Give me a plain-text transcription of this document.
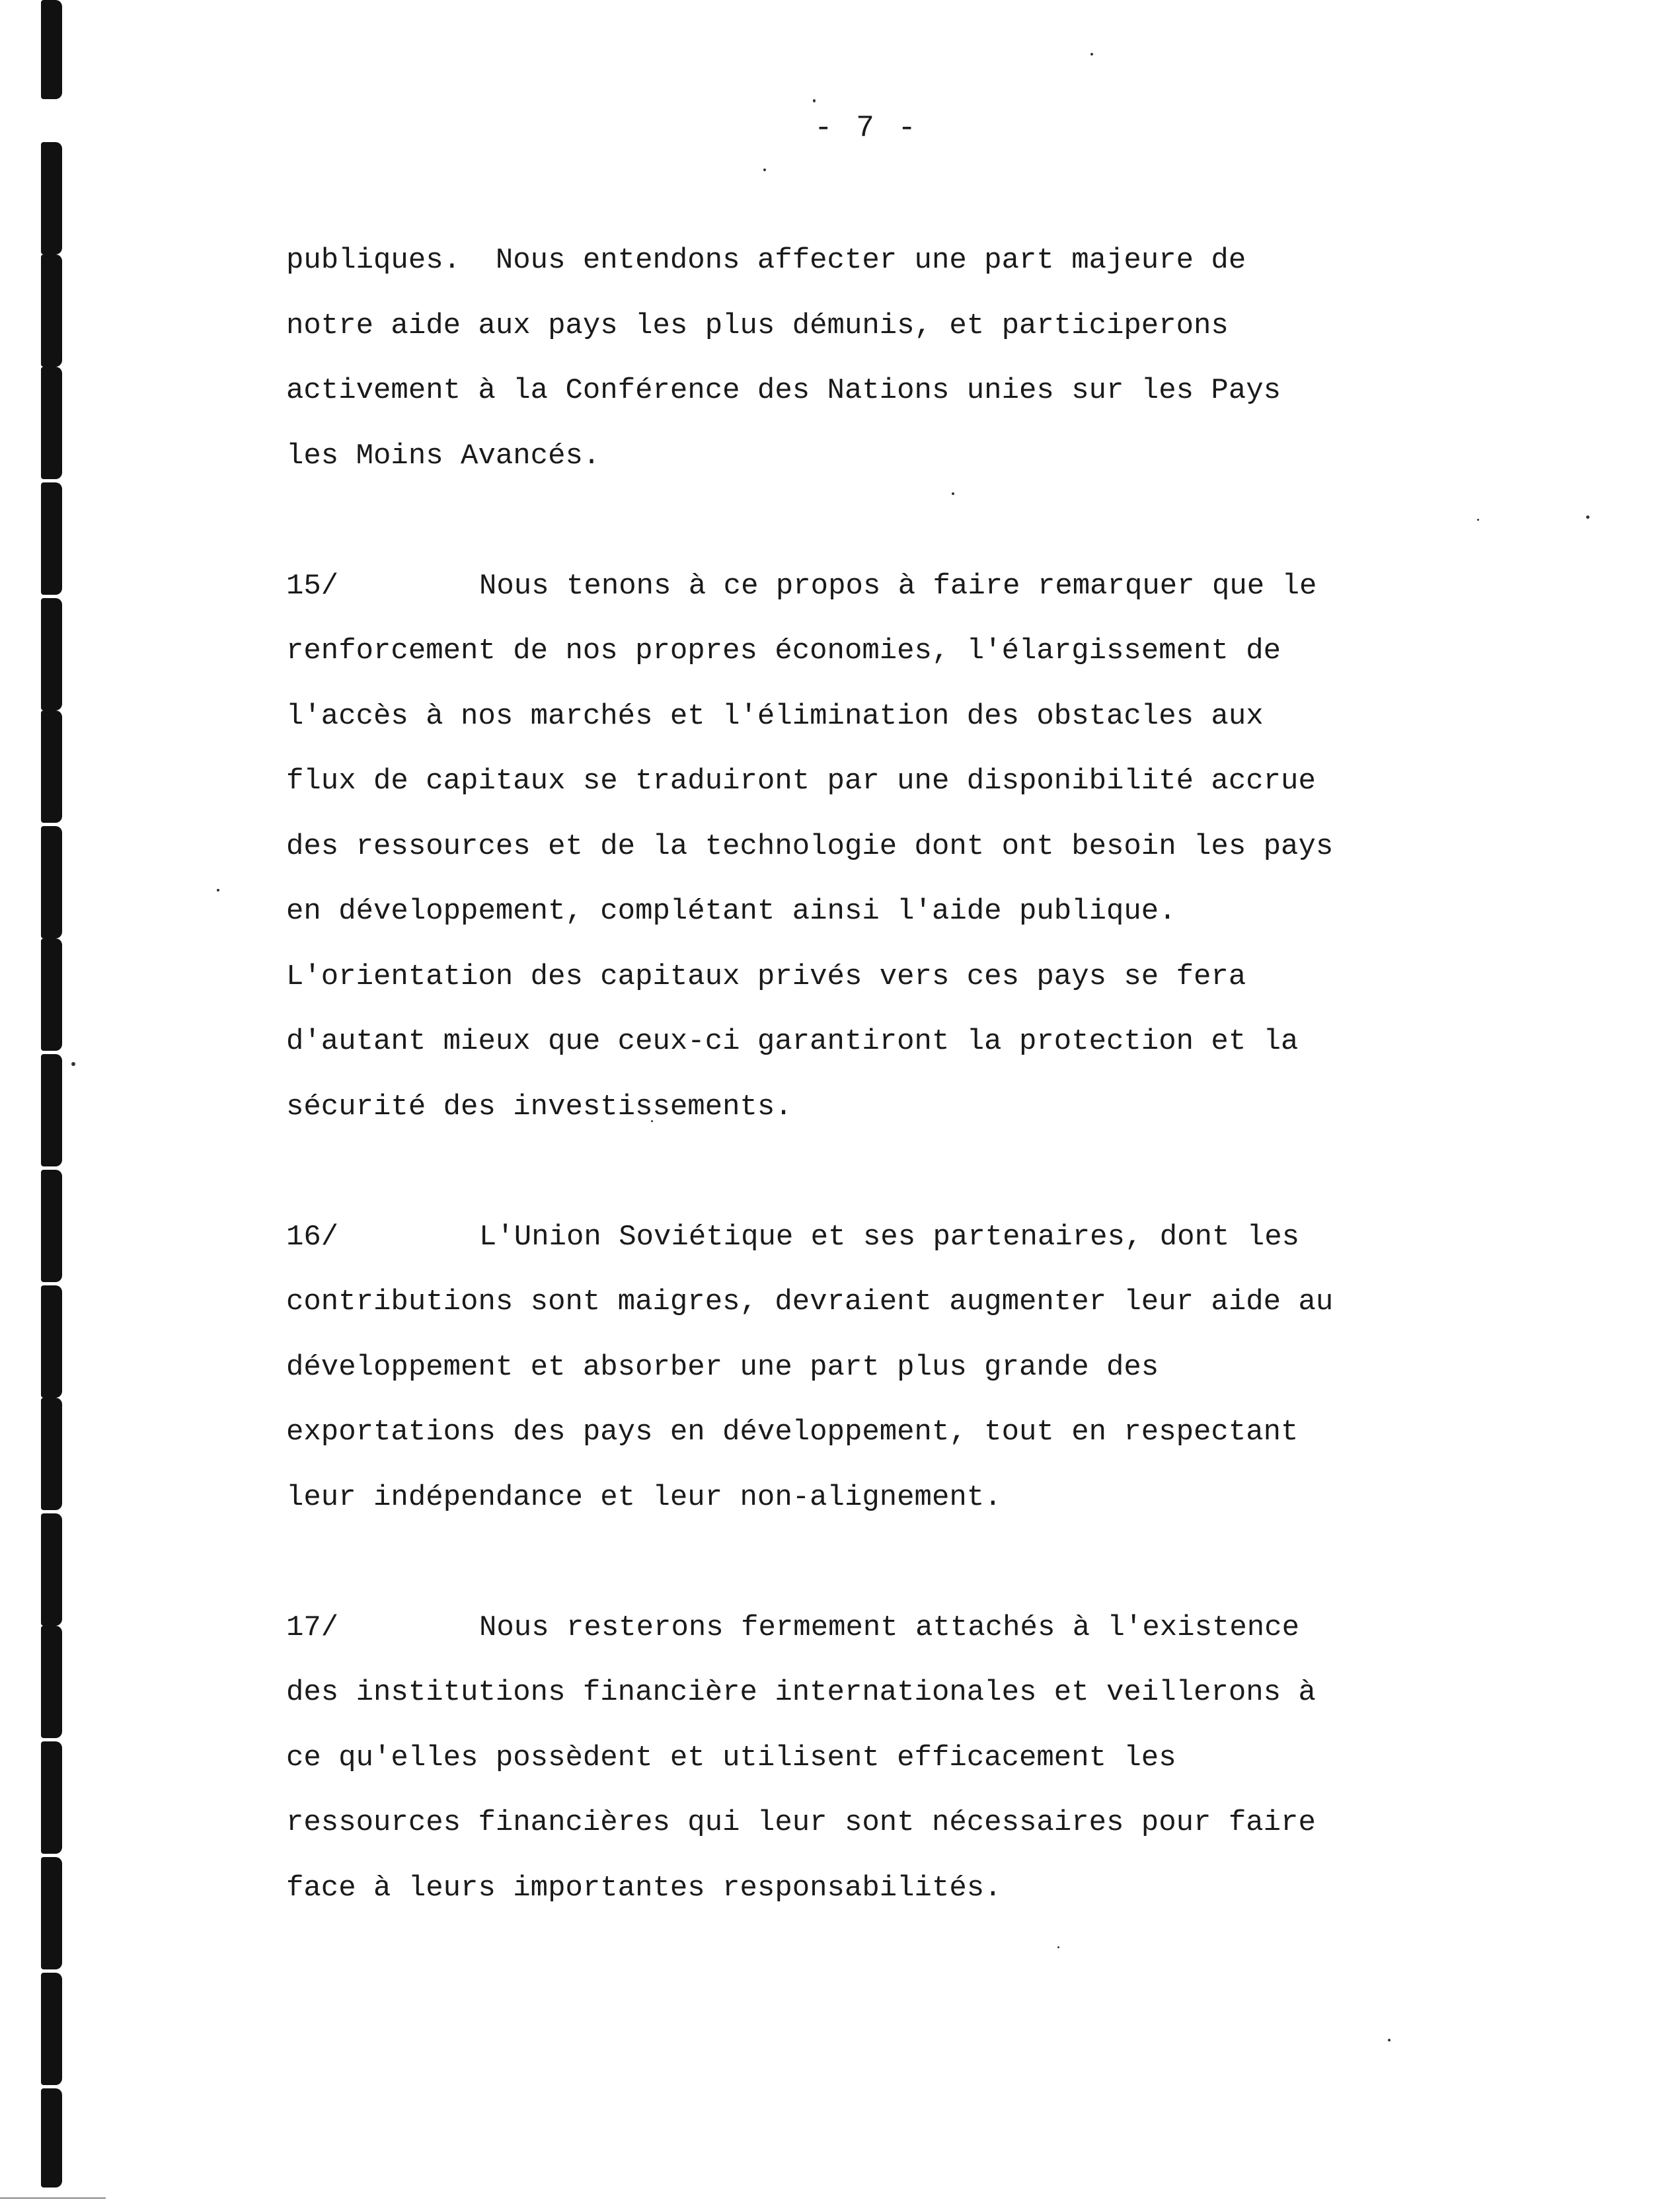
- 7 -
publiques.  Nous entendons affecter une part majeure de
notre aide aux pays les plus démunis, et participerons
activement à la Conférence des Nations unies sur les Pays
les Moins Avancés.
15/	Nous tenons à ce propos à faire remarquer que le
renforcement de nos propres économies, l'élargissement de
l'accès à nos marchés et l'élimination des obstacles aux
flux de capitaux se traduiront par une disponibilité accrue
des ressources et de la technologie dont ont besoin les pays
en développement, complétant ainsi l'aide publique.
L'orientation des capitaux privés vers ces pays se fera
d'autant mieux que ceux-ci garantiront la protection et la
sécurité des investissements.
16/	L'Union Soviétique et ses partenaires, dont les
contributions sont maigres, devraient augmenter leur aide au
développement et absorber une part plus grande des
exportations des pays en développement, tout en respectant
leur indépendance et leur non-alignement.
17/	Nous resterons fermement attachés à l'existence
des institutions financière internationales et veillerons à
ce qu'elles possèdent et utilisent efficacement les
ressources financières qui leur sont nécessaires pour faire
face à leurs importantes responsabilités.
